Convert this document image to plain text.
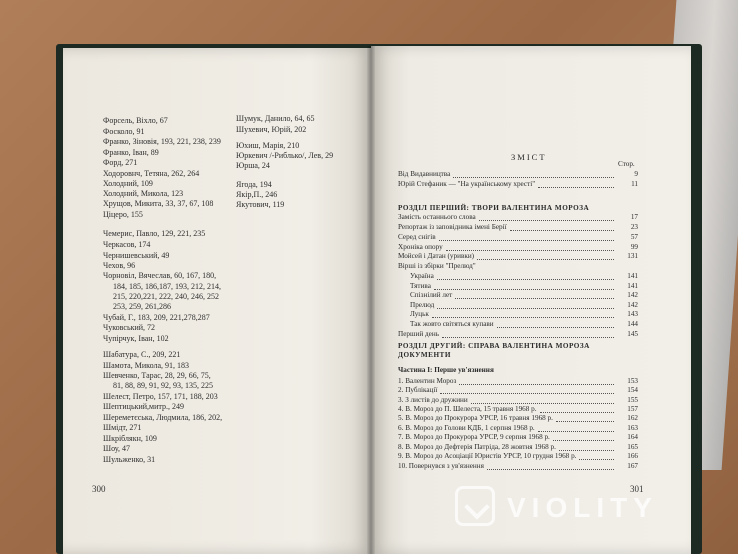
Форсель, Віхло, 67
Фосколо, 91
Франко, Зіновія, 193, 221, 238, 239
Франко, Іван, 89
Форд, 271
Ходоровнч, Тетяна, 262, 264
Холодний, 109
Холодний, Микола, 123
Хрущов, Микита, 33, 37, 67, 108
Ціцеро, 155
Чемерис, Павло, 129, 221, 235
Черкасов, 174
Чернишевський, 49
Чехов, 96
Чорновіл, Вячеслав, 60, 167, 180,
184, 185, 186,187, 193, 212, 214,
215, 220,221, 222, 240, 246, 252
253, 259, 261,286
Чубай, Г., 183, 209, 221,278,287
Чуковський, 72
Чупірчук, Іван, 102
Шабатура, С., 209, 221
Шамота, Микола, 91, 183
Шевченко, Тарас, 28, 29, 66, 75,
81, 88, 89, 91, 92, 93, 135, 225
Шелест, Петро, 157, 171, 188, 203
Шептицький,митр., 249
Шереметєська, Людмила, 186, 202,
Шмідт, 271
Шкріблякн, 109
Шоу, 47
Шульженко, 31
Шумук, Данило, 64, 65
Шухевич, Юрій, 202
Юхиш, Марія, 210
Юркевич /-Риблько/, Лев, 29
Юрша, 24
Ягода, 194
Якір,П., 246
Якутович, 119
300
ЗМІСТ
Стор.
Від Видавництва	9
Юрій Стефаник — "На українському хресті"	11
РОЗДІЛ ПЕРШИЙ: ТВОРИ ВАЛЕНТИНА МОРОЗА
Замість останнього слова	17
Репортаж із заповідника імені Берії	23
Серед снігів	57
Хроніка опору	99
Мойсей і Датан (уривки)	131
Вірші із збірки "Прелюд"
Україна	141
Тятива	141
Спізнілий лет	142
Прелюд	142
Луцьк	143
Так жовто світяться купави	144
Перший день	145
РОЗДІЛ ДРУГИЙ: СПРАВА ВАЛЕНТИНА МОРОЗА
ДОКУМЕНТИ
Частина I: Перше ув'язнення
1. Валентин Мороз	153
2. Публікації	154
3. З листів до дружини	155
4. В. Мороз до П. Шелеста, 15 травня 1968 р.	157
5. В. Мороз до Прокурора УРСР, 16 травня 1968 р.	162
6. В. Мороз до Голови КДБ, 1 серпня 1968 р.	163
7. В. Мороз до Прокурора УРСР, 9 серпня 1968 р.	164
8. В. Мороз до Дефтерія Патріда, 28 жовтня 1968 р.	165
9. В. Мороз до Асоціації Юристів УРСР, 10 грудня 1968 р.	166
10. Повернувся з ув'язнення	167
301
VIOLITY
